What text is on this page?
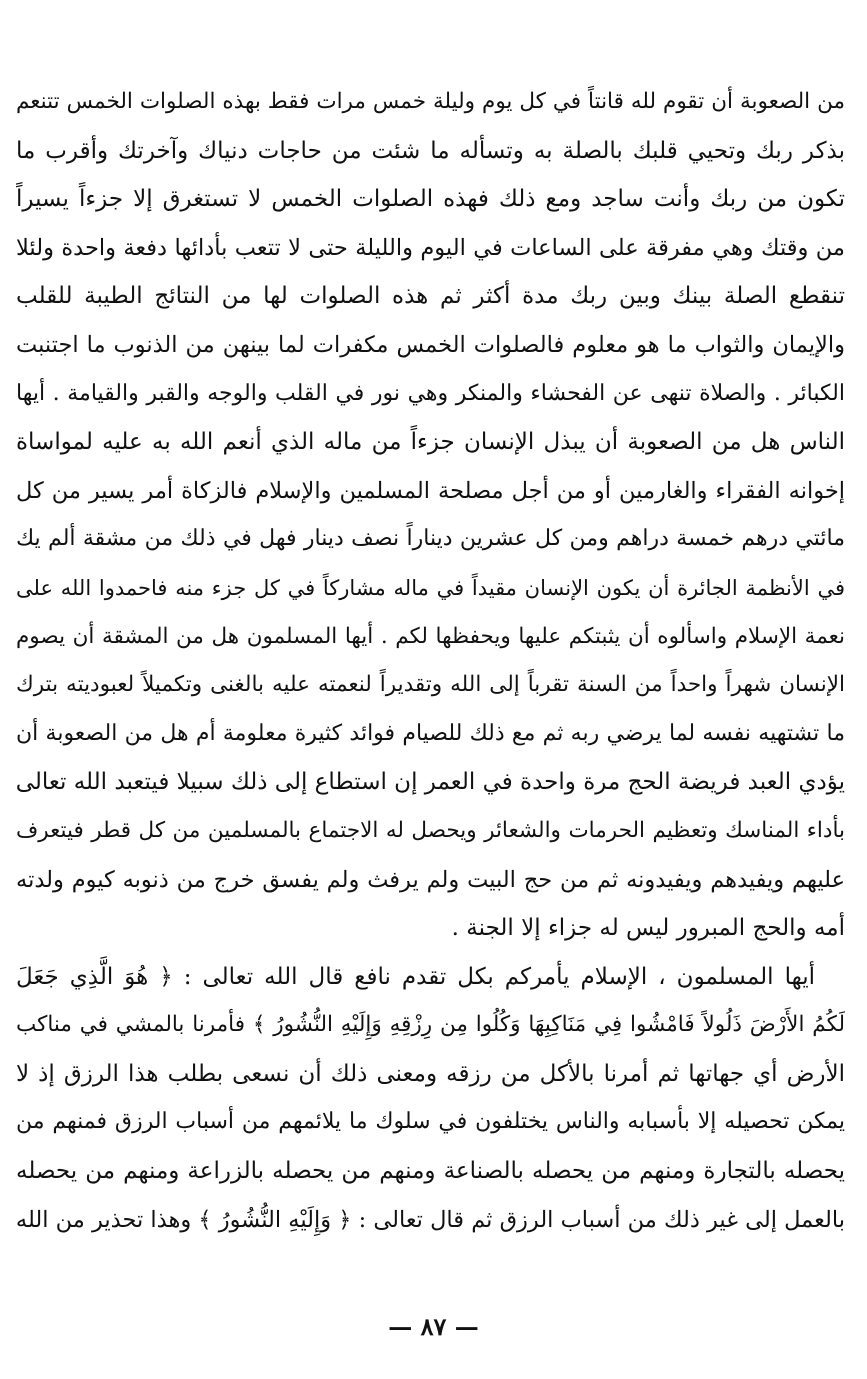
من الصعوبة أن تقوم لله قانتاً في كل يوم وليلة خمس مرات فقط بهذه الصلوات الخمس تتنعم
بذكر ربك وتحيي قلبك بالصلة به وتسأله ما شئت من حاجات دنياك وآخرتك وأقرب ما
تكون من ربك وأنت ساجد ومع ذلك فهذه الصلوات الخمس لا تستغرق إلا جزءاً يسيراً
من وقتك وهي مفرقة على الساعات في اليوم والليلة حتى لا تتعب بأدائها دفعة واحدة ولئلا
تنقطع الصلة بينك وبين ربك مدة أكثر ثم هذه الصلوات لها من النتائج الطيبة للقلب
والإيمان والثواب ما هو معلوم فالصلوات الخمس مكفرات لما بينهن من الذنوب ما اجتنبت
الكبائر . والصلاة تنهى عن الفحشاء والمنكر وهي نور في القلب والوجه والقبر والقيامة . أيها
الناس هل من الصعوبة أن يبذل الإنسان جزءاً من ماله الذي أنعم الله به عليه لمواساة
إخوانه الفقراء والغارمين أو من أجل مصلحة المسلمين والإسلام فالزكاة أمر يسير من كل
مائتي درهم خمسة دراهم ومن كل عشرين ديناراً نصف دينار فهل في ذلك من مشقة ألم يك
في الأنظمة الجائرة أن يكون الإنسان مقيداً في ماله مشاركاً في كل جزء منه فاحمدوا الله على
نعمة الإسلام واسألوه أن يثبتكم عليها ويحفظها لكم . أيها المسلمون هل من المشقة أن يصوم
الإنسان شهراً واحداً من السنة تقرباً إلى الله وتقديراً لنعمته عليه بالغنى وتكميلاً لعبوديته بترك
ما تشتهيه نفسه لما يرضي ربه ثم مع ذلك للصيام فوائد كثيرة معلومة أم هل من الصعوبة أن
يؤدي العبد فريضة الحج مرة واحدة في العمر إن استطاع إلى ذلك سبيلا فيتعبد الله تعالى
بأداء المناسك وتعظيم الحرمات والشعائر ويحصل له الاجتماع بالمسلمين من كل قطر فيتعرف
عليهم ويفيدهم ويفيدونه ثم من حج البيت ولم يرفث ولم يفسق خرج من ذنوبه كيوم ولدته
أمه والحج المبرور ليس له جزاء إلا الجنة .
أيها المسلمون ، الإسلام يأمركم بكل تقدم نافع قال الله تعالى : ﴿ هُوَ الَّذِي جَعَلَ
لَكُمُ الأَرْضَ ذَلُولاً فَامْشُوا فِي مَنَاكِبِهَا وَكُلُوا مِن رِزْقِهِ وَإِلَيْهِ النُّشُورُ ﴾ فأمرنا بالمشي في مناكب
الأرض أي جهاتها ثم أمرنا بالأكل من رزقه ومعنى ذلك أن نسعى بطلب هذا الرزق إذ لا
يمكن تحصيله إلا بأسبابه والناس يختلفون في سلوك ما يلائمهم من أسباب الرزق فمنهم من
يحصله بالتجارة ومنهم من يحصله بالصناعة ومنهم من يحصله بالزراعة ومنهم من يحصله
بالعمل إلى غير ذلك من أسباب الرزق ثم قال تعالى : ﴿ وَإِلَيْهِ النُّشُورُ ﴾ وهذا تحذير من الله
— ٨٧ —
